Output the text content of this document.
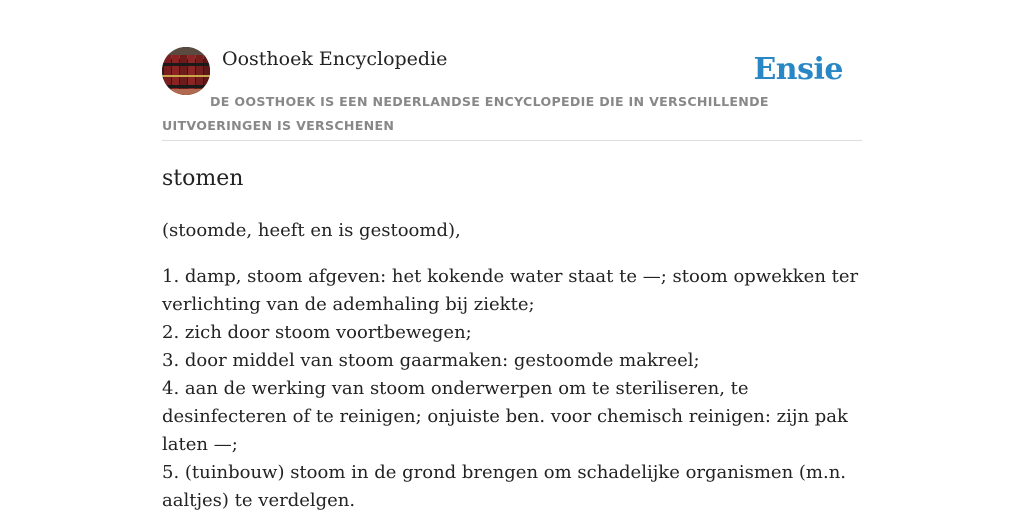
Oosthoek Encyclopedie	Ensie
DE OOSTHOEK IS EEN NEDERLANDSE ENCYCLOPEDIE DIE IN VERSCHILLENDE UITVOERINGEN IS VERSCHENEN
stomen

(stoomde, heeft en is gestoomd),

1. damp, stoom afgeven: het kokende water staat te —; stoom opwekken ter verlichting van de ademhaling bij ziekte;
2. zich door stoom voortbewegen;
3. door middel van stoom gaarmaken: gestoomde makreel;
4. aan de werking van stoom onderwerpen om te steriliseren, te desinfecteren of te reinigen; onjuiste ben. voor chemisch reinigen: zijn pak laten —;
5. (tuinbouw) stoom in de grond brengen om schadelijke organismen (m.n. aaltjes) te verdelgen.
